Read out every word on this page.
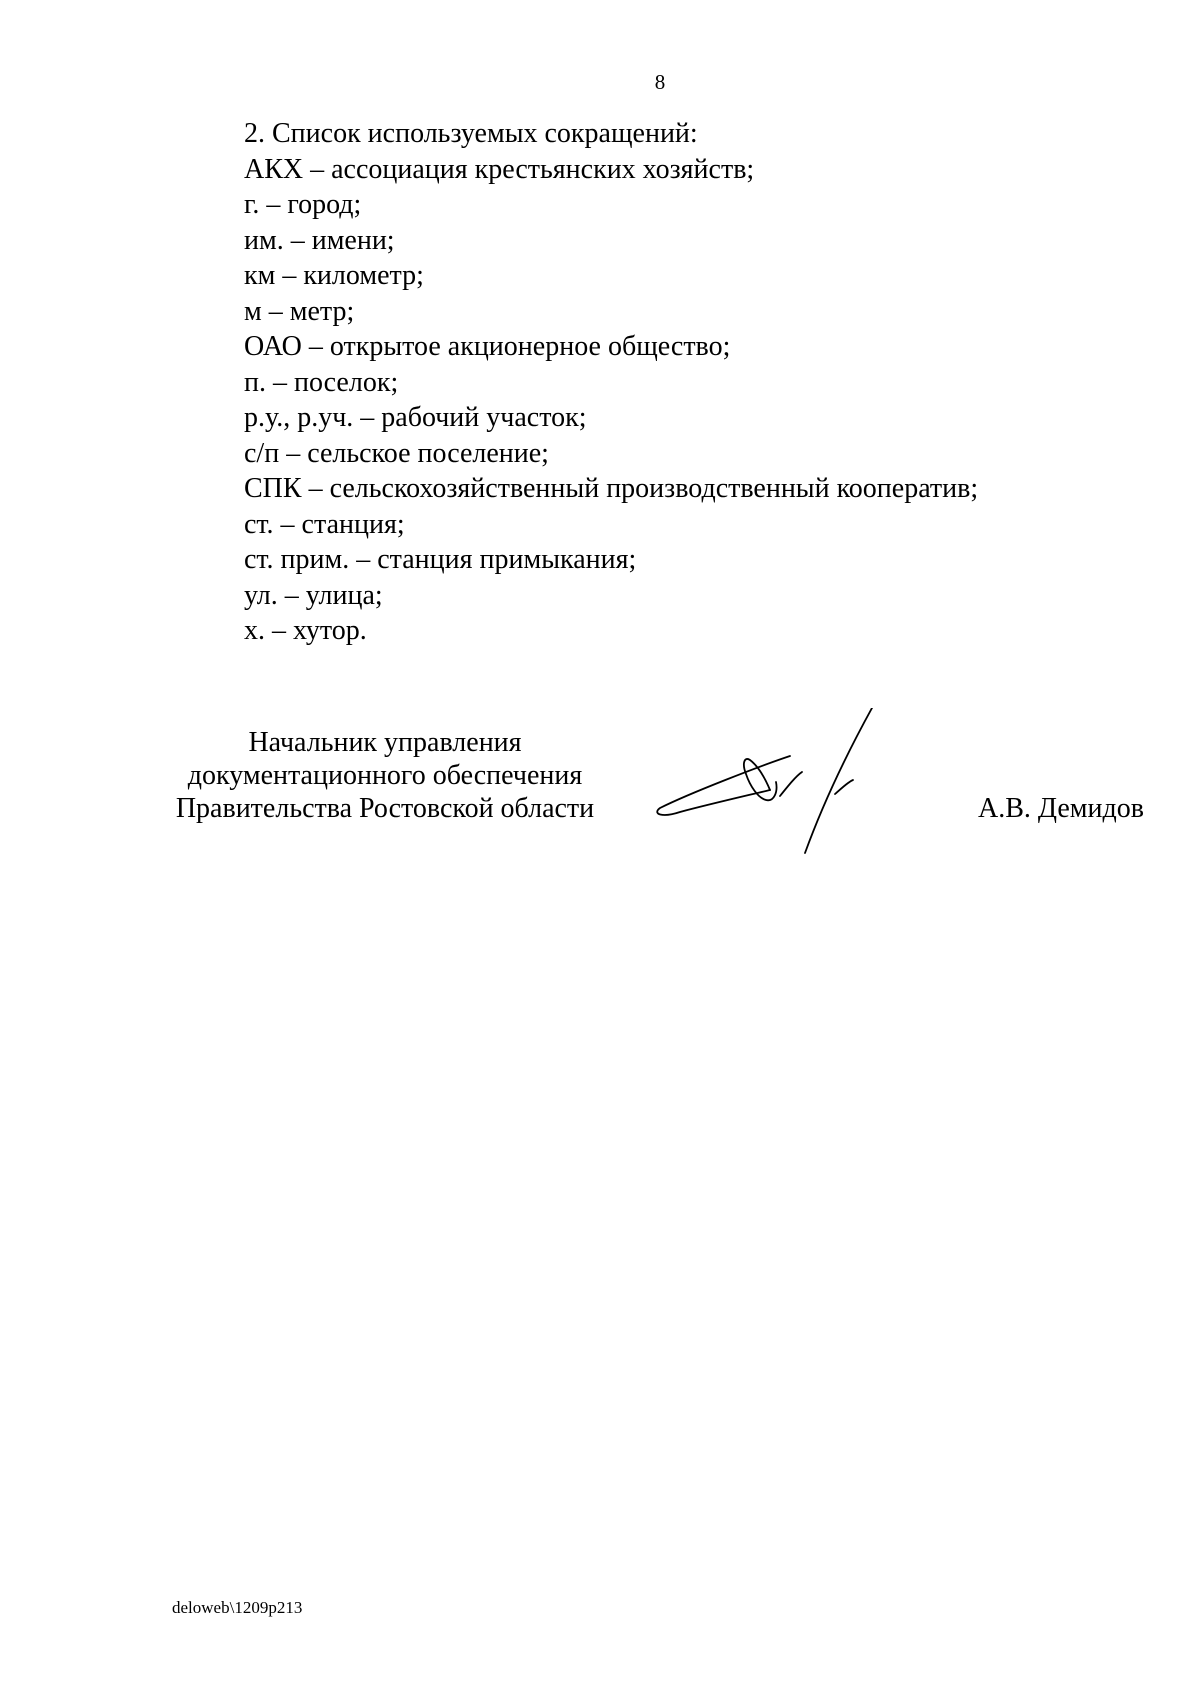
8
2. Список используемых сокращений:
АКХ – ассоциация крестьянских хозяйств;
г. – город;
им. – имени;
км – километр;
м – метр;
ОАО – открытое акционерное общество;
п. – поселок;
р.у., р.уч. – рабочий участок;
с/п – сельское поселение;
СПК – сельскохозяйственный производственный кооператив;
ст. – станция;
ст. прим. – станция примыкания;
ул. – улица;
х. – хутор.
Начальник управления
документационного обеспечения
Правительства Ростовской области	А.В. Демидов
deloweb\1209p213
